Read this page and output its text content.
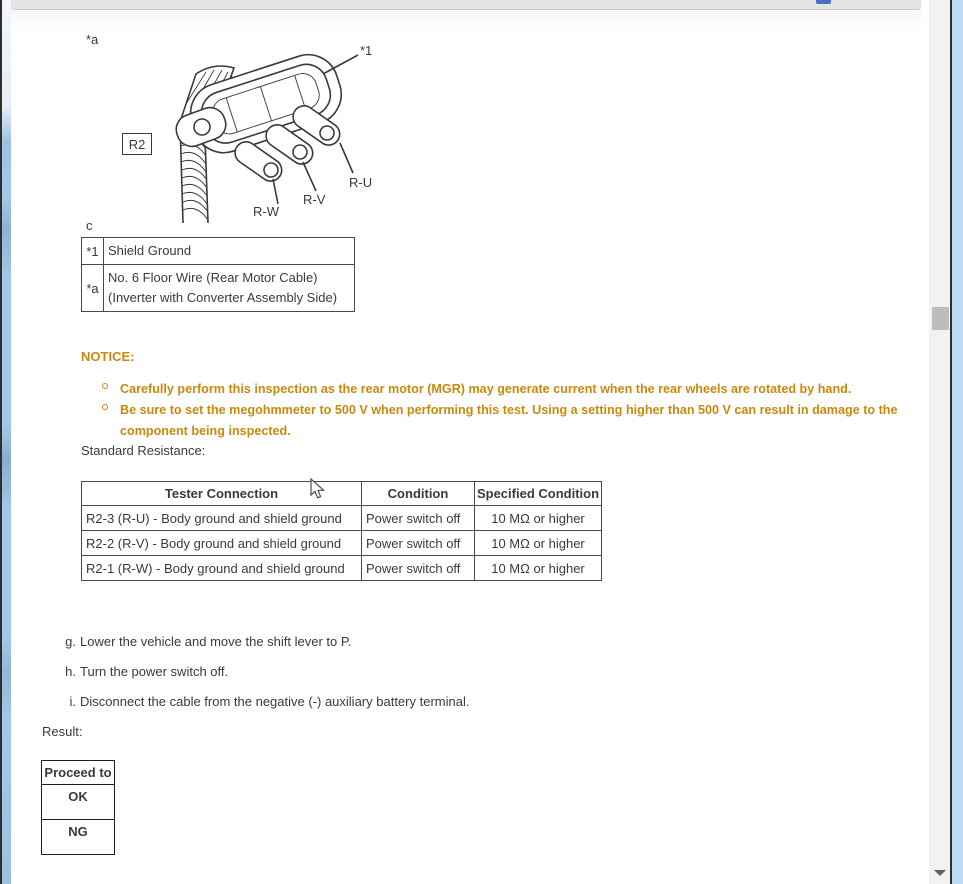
*a
*1
R2
R-U
R-V
R-W
c
*1	Shield Ground
*a	No. 6 Floor Wire (Rear Motor Cable)
(Inverter with Converter Assembly Side)
NOTICE:
Carefully perform this inspection as the rear motor (MGR) may generate current when the rear wheels are rotated by hand.
Be sure to set the megohmmeter to 500 V when performing this test. Using a setting higher than 500 V can result in damage to the component being inspected.
Standard Resistance:
Tester Connection	Condition	Specified Condition
R2-3 (R-U) - Body ground and shield ground	Power switch off	10 MΩ or higher
R2-2 (R-V) - Body ground and shield ground	Power switch off	10 MΩ or higher
R2-1 (R-W) - Body ground and shield ground	Power switch off	10 MΩ or higher
g. Lower the vehicle and move the shift lever to P.
h. Turn the power switch off.
i. Disconnect the cable from the negative (-) auxiliary battery terminal.
Result:
Proceed to
OK
NG
